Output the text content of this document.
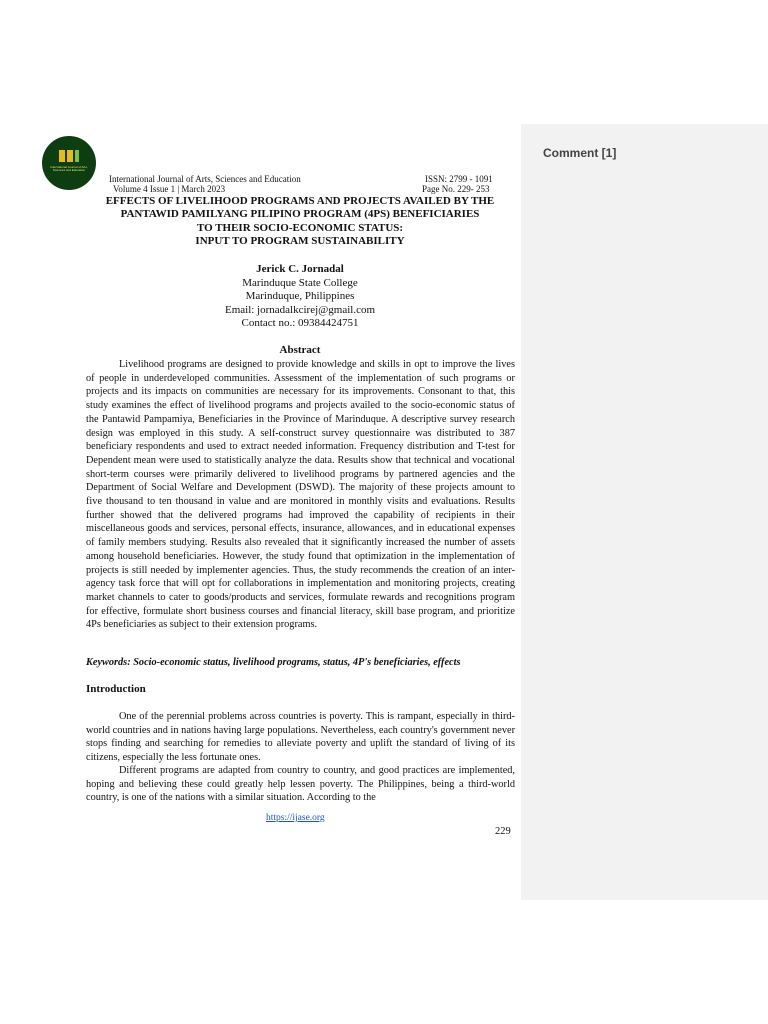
Comment [1]
International Journal of Arts, Sciences and Education
International Journal of Arts, Sciences and Education
Volume 4 Issue 1 | March 2023
ISSN: 2799 - 1091
Page No. 229- 253
EFFECTS OF LIVELIHOOD PROGRAMS AND PROJECTS AVAILED BY THE
PANTAWID PAMILYANG PILIPINO PROGRAM (4PS) BENEFICIARIES
TO THEIR SOCIO-ECONOMIC STATUS:
INPUT TO PROGRAM SUSTAINABILITY
Jerick C. Jornadal
Marinduque State College
Marinduque, Philippines
Email: jornadalkcirej@gmail.com
Contact no.: 09384424751
Abstract

Livelihood programs are designed to provide knowledge and skills in opt to improve the lives of people in underdeveloped communities. Assessment of the implementation of such programs or projects and its impacts on communities are necessary for its improvements. Consonant to that, this study examines the effect of livelihood programs and projects availed to the socio-economic status of the Pantawid Pampamiya, Beneficiaries in the Province of Marinduque. A descriptive survey research design was employed in this study. A self-construct survey questionnaire was distributed to 387 beneficiary respondents and used to extract needed information. Frequency distribution and T-test for Dependent mean were used to statistically analyze the data. Results show that technical and vocational short-term courses were primarily delivered to livelihood programs by partnered agencies and the Department of Social Welfare and Development (DSWD). The majority of these projects amount to five thousand to ten thousand in value and are monitored in monthly visits and evaluations. Results further showed that the delivered programs had improved the capability of recipients in their miscellaneous goods and services, personal effects, insurance, allowances, and in educational expenses of family members studying. Results also revealed that it significantly increased the number of assets among household beneficiaries. However, the study found that optimization in the implementation of projects is still needed by implementer agencies. Thus, the study recommends the creation of an inter-agency task force that will opt for collaborations in implementation and monitoring projects, creating market channels to cater to goods/products and services, formulate rewards and recognitions program for effective, formulate short business courses and financial literacy, skill base program, and prioritize 4Ps beneficiaries as subject to their extension programs.

Keywords: Socio-economic status, livelihood programs, status, 4P's beneficiaries, effects

Introduction

One of the perennial problems across countries is poverty. This is rampant, especially in third-world countries and in nations having large populations. Nevertheless, each country's government never stops finding and searching for remedies to alleviate poverty and uplift the standard of living of its citizens, especially the less fortunate ones.

Different programs are adapted from country to country, and good practices are implemented, hoping and believing these could greatly help lessen poverty. The Philippines, being a third-world country, is one of the nations with a similar situation. According to the

https://ijase.org
229
